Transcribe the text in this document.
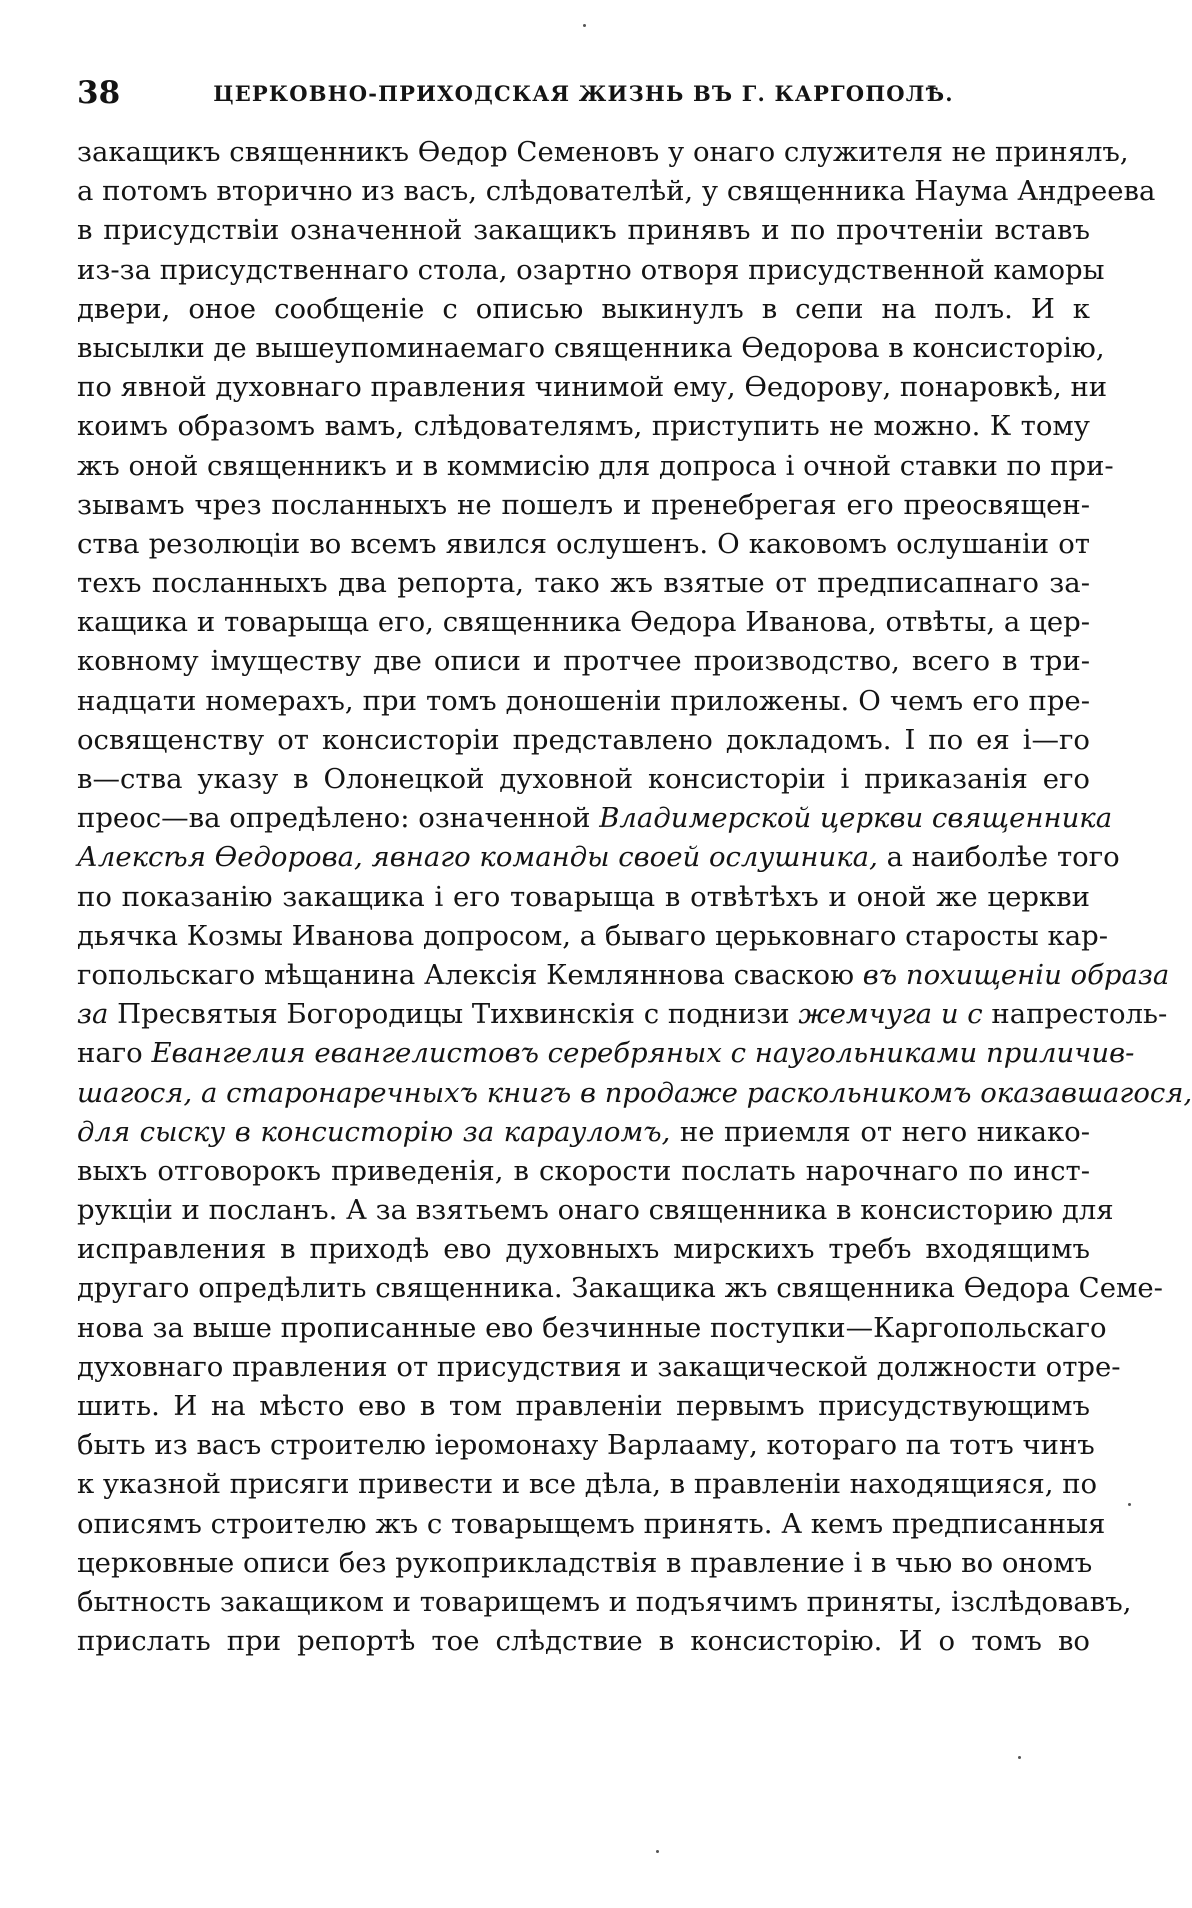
38	ЦЕРКОВНО-ПРИХОДСКАЯ ЖИЗНЬ ВЪ Г. КАРГОПОЛѢ.
закащикъ священникъ Ѳедор Семеновъ у онаго служителя не принялъ,
а потомъ вторично из васъ, слѣдователѣй, у священника Наума Андреева
в присудствіи означенной закащикъ принявъ и по прочтеніи вставъ
из-за присудственнаго стола, озартно отворя присудственной каморы
двери, оное сообщеніе с описью выкинулъ в сепи на полъ. И к
высылки де вышеупоминаемаго священника Ѳедорова в консисторію,
по явной духовнаго правления чинимой ему, Ѳедорову, понаровкѣ, ни
коимъ образомъ вамъ, слѣдователямъ, приступить не можно. К тому
жъ оной священникъ и в коммисію для допроса і очной ставки по при-
зывамъ чрез посланныхъ не пошелъ и пренебрегая его преосвящен-
ства резолюціи во всемъ явился ослушенъ. О каковомъ ослушаніи от
техъ посланныхъ два репорта, тако жъ взятые от предписапнаго за-
кащика и товарыща его, священника Ѳедора Иванова, отвѣты, а цер-
ковному імуществу две описи и протчее производство, всего в три-
надцати номерахъ, при томъ доношеніи приложены. О чемъ его пре-
освященству от консисторіи представлено докладомъ. I по ея і—го
в—ства указу в Олонецкой духовной консисторіи і приказанія его
преос—ва опредѣлено: означенной Владимерской церкви священника
Алексѣя Ѳедорова, явнаго команды своей ослушника, а наиболѣе того
по показанію закащика і его товарыща в отвѣтѣхъ и оной же церкви
дьячка Козмы Иванова допросом, а бываго церьковнаго старосты кар-
гопольскаго мѣщанина Алексія Кемляннова сваскою въ похищеніи образа
за Пресвятыя Богородицы Тихвинскія с поднизи жемчуга и с напрестоль-
наго Евангелия евангелистовъ серебряных с наугольниками приличив-
шагося, а старонаречныхъ книгъ в продаже раскольникомъ оказавшагося,
для сыску в консисторію за карауломъ, не приемля от него никако-
выхъ отговорокъ приведенія, в скорости послать нарочнаго по инст-
рукціи и посланъ. А за взятьемъ онаго священника в консисторию для
исправления в приходѣ ево духовныхъ мирскихъ требъ входящимъ
другаго опредѣлить священника. Закащика жъ священника Ѳедора Семе-
нова за выше прописанные ево безчинные поступки—Каргопольскаго
духовнаго правления от присудствия и закащической должности отре-
шить. И на мѣсто ево в том правленіи первымъ присудствующимъ
быть из васъ строителю іеромонаху Варлааму, котораго па тотъ чинъ
к указной присяги привести и все дѣла, в правленіи находящияся, по
описямъ строителю жъ с товарыщемъ принять. А кемъ предписанныя
церковные описи без рукоприкладствія в правление і в чью во ономъ
бытность закащиком и товарищемъ и подъячимъ приняты, ізслѣдовавъ,
прислать при репортѣ тое слѣдствие в консисторію. И о томъ во
